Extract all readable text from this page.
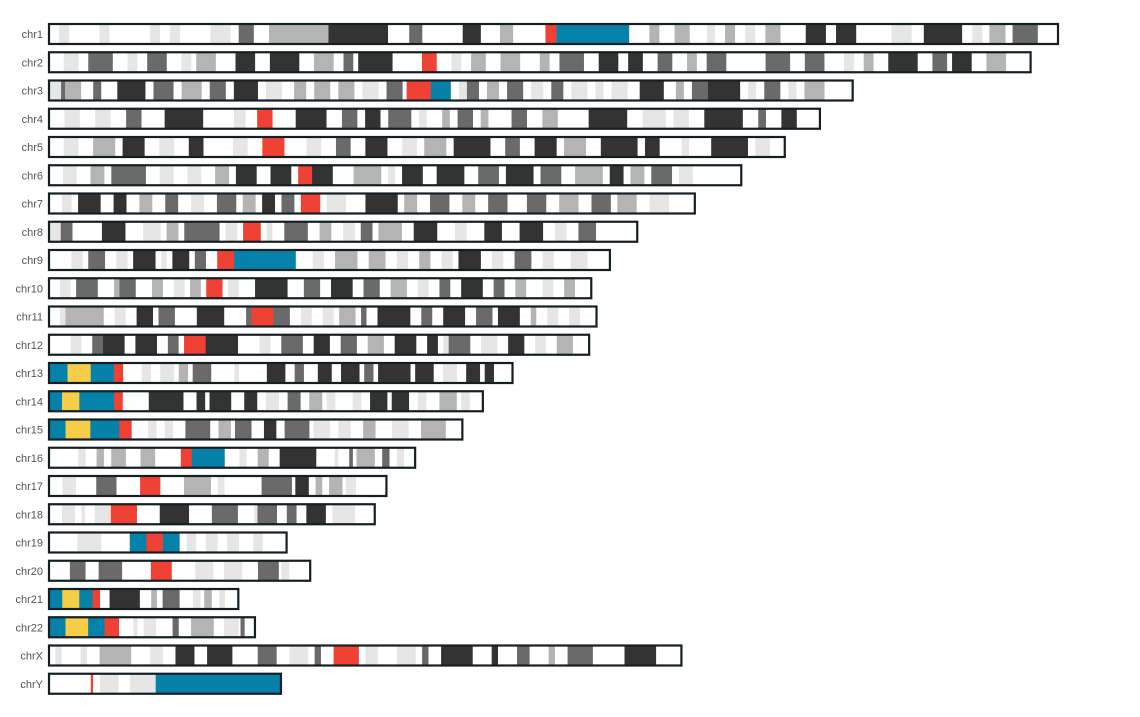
chr1
chr2
chr3
chr4
chr5
chr6
chr7
chr8
chr9
chr10
chr11
chr12
chr13
chr14
chr15
chr16
chr17
chr18
chr19
chr20
chr21
chr22
chrX
chrY
